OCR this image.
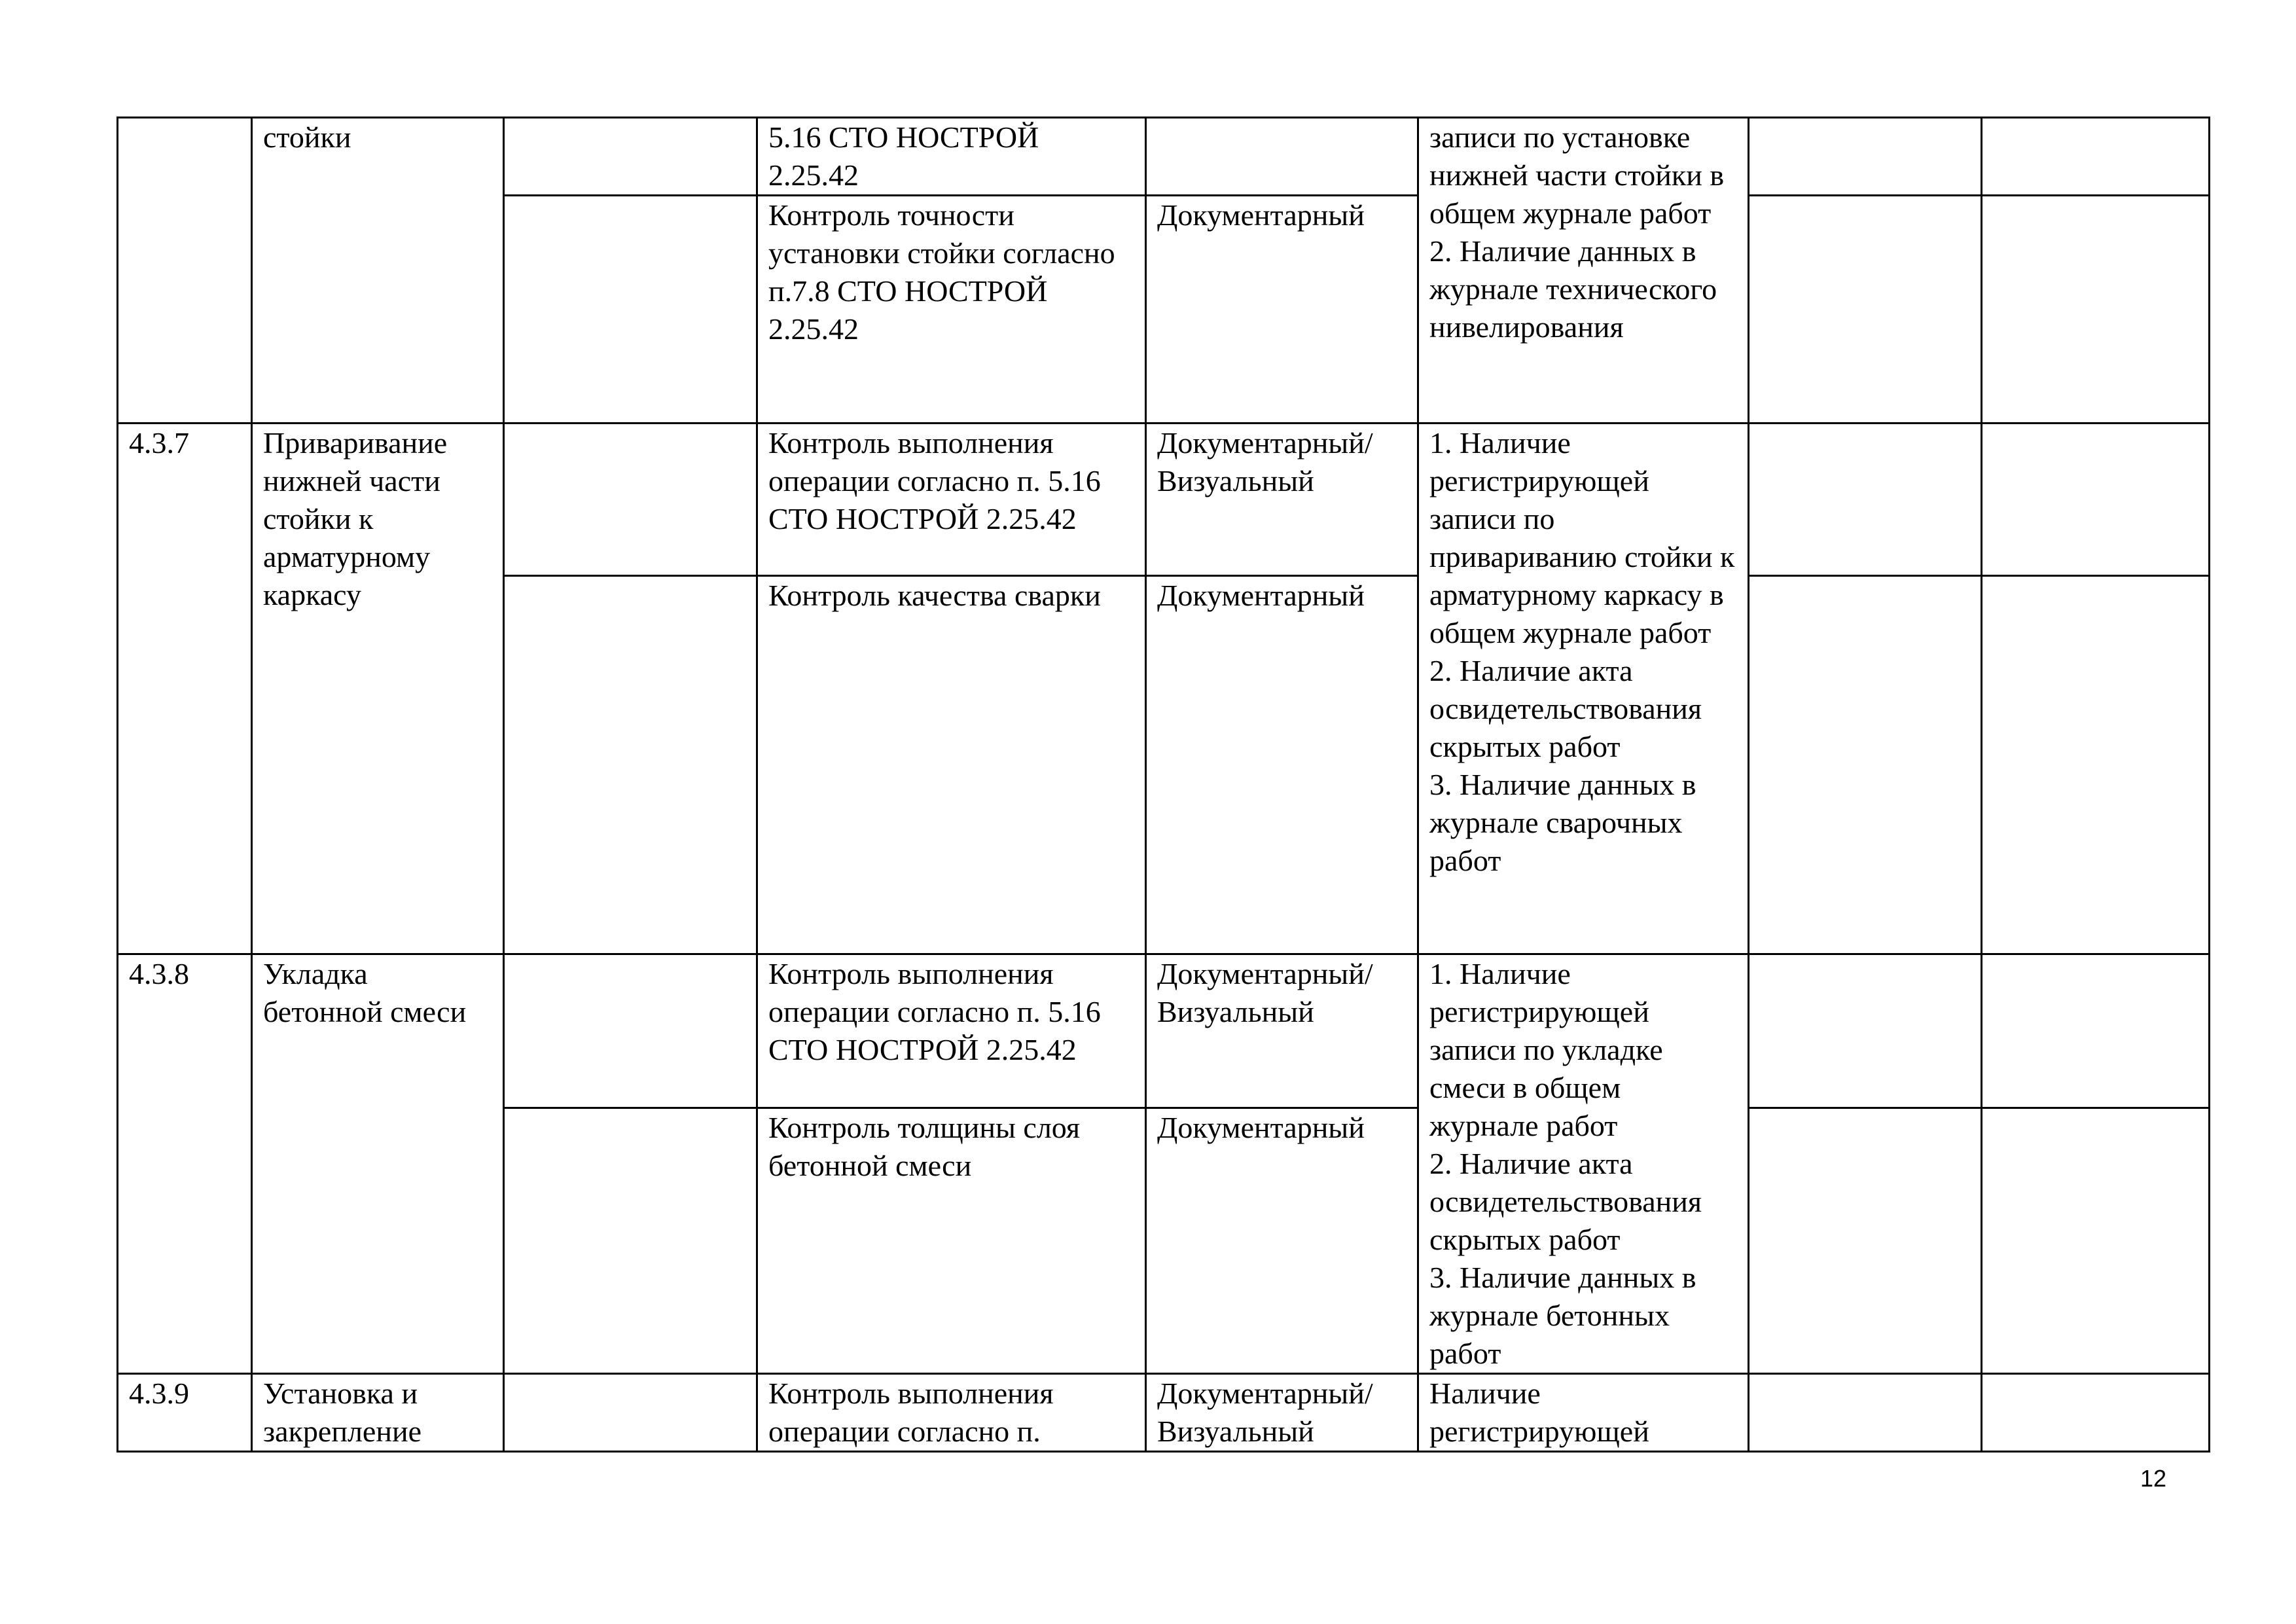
	стойки		5.16 СТО НОСТРОЙ 2.25.42		записи по установке нижней части стойки в общем журнале работ
2. Наличие данных в журнале технического нивелирования		
			Контроль точности установки стойки согласно п.7.8 СТО НОСТРОЙ 2.25.42	Документарный			
4.3.7	Приваривание нижней части стойки к арматурному каркасу		Контроль выполнения операции согласно п. 5.16 СТО НОСТРОЙ 2.25.42	Документарный/ Визуальный	1. Наличие регистрирующей записи по привариванию стойки к арматурному каркасу в общем журнале работ
2. Наличие акта освидетельствования скрытых работ
3. Наличие данных в журнале сварочных работ		
			Контроль качества сварки	Документарный			
4.3.8	Укладка бетонной смеси		Контроль выполнения операции согласно п. 5.16 СТО НОСТРОЙ 2.25.42	Документарный/ Визуальный	1. Наличие регистрирующей записи по укладке смеси в общем журнале работ
2. Наличие акта освидетельствования скрытых работ
3. Наличие данных в журнале бетонных работ		
			Контроль толщины слоя бетонной смеси	Документарный			
4.3.9	Установка и закрепление		Контроль выполнения операции согласно п.	Документарный/ Визуальный	Наличие регистрирующей		
12
